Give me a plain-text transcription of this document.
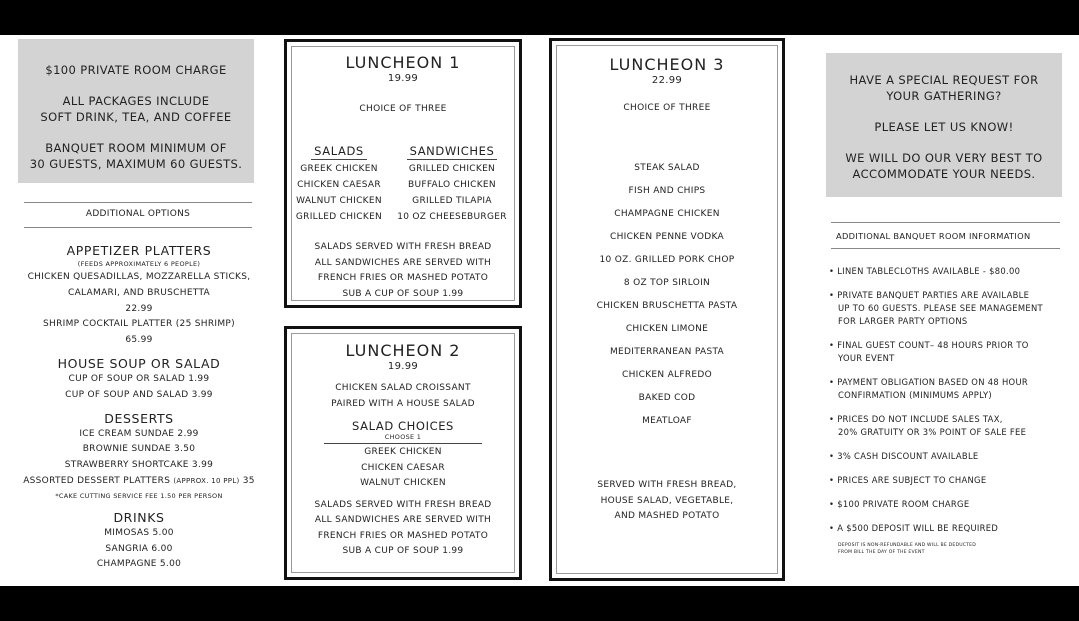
$100 PRIVATE ROOM CHARGE
ALL PACKAGES INCLUDE
SOFT DRINK, TEA, AND COFFEE
BANQUET ROOM MINIMUM OF
30 GUESTS, MAXIMUM 60 GUESTS.
ADDITIONAL OPTIONS
APPETIZER PLATTERS
(FEEDS APPROXIMATELY 6 PEOPLE)
CHICKEN QUESADILLAS, MOZZARELLA STICKS,
CALAMARI, AND BRUSCHETTA
22.99
SHRIMP COCKTAIL PLATTER (25 SHRIMP)
65.99
HOUSE SOUP OR SALAD
CUP OF SOUP OR SALAD 1.99
CUP OF SOUP AND SALAD 3.99
DESSERTS
ICE CREAM SUNDAE 2.99
BROWNIE SUNDAE 3.50
STRAWBERRY SHORTCAKE 3.99
ASSORTED DESSERT PLATTERS (APPROX. 10 PPL) 35
*CAKE CUTTING SERVICE FEE 1.50 PER PERSON
DRINKS
MIMOSAS 5.00
SANGRIA 6.00
CHAMPAGNE 5.00
LUNCHEON 1
19.99
CHOICE OF THREE
SALADS
GREEK CHICKEN
CHICKEN CAESAR
WALNUT CHICKEN
GRILLED CHICKEN
SANDWICHES
GRILLED CHICKEN
BUFFALO CHICKEN
GRILLED TILAPIA
10 OZ CHEESEBURGER
SALADS SERVED WITH FRESH BREAD
ALL SANDWICHES ARE SERVED WITH
FRENCH FRIES OR MASHED POTATO
SUB A CUP OF SOUP 1.99
LUNCHEON 2
19.99
CHICKEN SALAD CROISSANT
PAIRED WITH A HOUSE SALAD
SALAD CHOICES
CHOOSE 1
GREEK CHICKEN
CHICKEN CAESAR
WALNUT CHICKEN
SALADS SERVED WITH FRESH BREAD
ALL SANDWICHES ARE SERVED WITH
FRENCH FRIES OR MASHED POTATO
SUB A CUP OF SOUP 1.99
LUNCHEON 3
22.99
CHOICE OF THREE
STEAK SALAD
FISH AND CHIPS
CHAMPAGNE CHICKEN
CHICKEN PENNE VODKA
10 OZ. GRILLED PORK CHOP
8 OZ TOP SIRLOIN
CHICKEN BRUSCHETTA PASTA
CHICKEN LIMONE
MEDITERRANEAN PASTA
CHICKEN ALFREDO
BAKED COD
MEATLOAF
SERVED WITH FRESH BREAD,
HOUSE SALAD, VEGETABLE,
AND MASHED POTATO
HAVE A SPECIAL REQUEST FOR
YOUR GATHERING?
PLEASE LET US KNOW!
WE WILL DO OUR VERY BEST TO
ACCOMMODATE YOUR NEEDS.
ADDITIONAL BANQUET ROOM INFORMATION
• LINEN TABLECLOTHS AVAILABLE - $80.00
• PRIVATE BANQUET PARTIES ARE AVAILABLE
UP TO 60 GUESTS. PLEASE SEE MANAGEMENT
FOR LARGER PARTY OPTIONS
• FINAL GUEST COUNT– 48 HOURS PRIOR TO
YOUR EVENT
• PAYMENT OBLIGATION BASED ON 48 HOUR
CONFIRMATION (MINIMUMS APPLY)
• PRICES DO NOT INCLUDE SALES TAX,
20% GRATUITY OR 3% POINT OF SALE FEE
• 3% CASH DISCOUNT AVAILABLE
• PRICES ARE SUBJECT TO CHANGE
• $100 PRIVATE ROOM CHARGE
• A $500 DEPOSIT WILL BE REQUIRED
DEPOSIT IS NON-REFUNDABLE AND WILL BE DEDUCTED
FROM BILL THE DAY OF THE EVENT
